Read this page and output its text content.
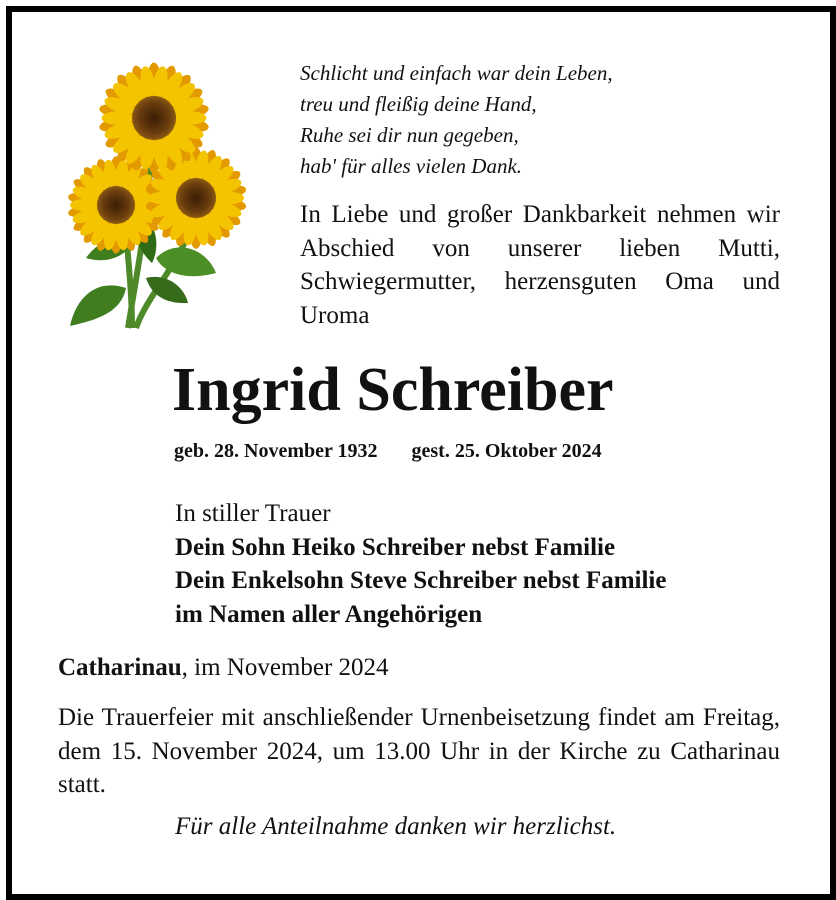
Schlicht und einfach war dein Leben,
treu und fleißig deine Hand,
Ruhe sei dir nun gegeben,
hab' für alles vielen Dank.
In Liebe und großer Dankbarkeit nehmen wir Abschied von unserer lieben Mutti, Schwiegermutter, herzensguten Oma und Uroma
Ingrid Schreiber
geb. 28. November 1932 gest. 25. Oktober 2024
In stiller Trauer
Dein Sohn Heiko Schreiber nebst Familie
Dein Enkelsohn Steve Schreiber nebst Familie
im Namen aller Angehörigen
Catharinau, im November 2024
Die Trauerfeier mit anschließender Urnenbeisetzung findet am Freitag, dem 15. November 2024, um 13.00 Uhr in der Kirche zu Catharinau statt.
Für alle Anteilnahme danken wir herzlichst.
